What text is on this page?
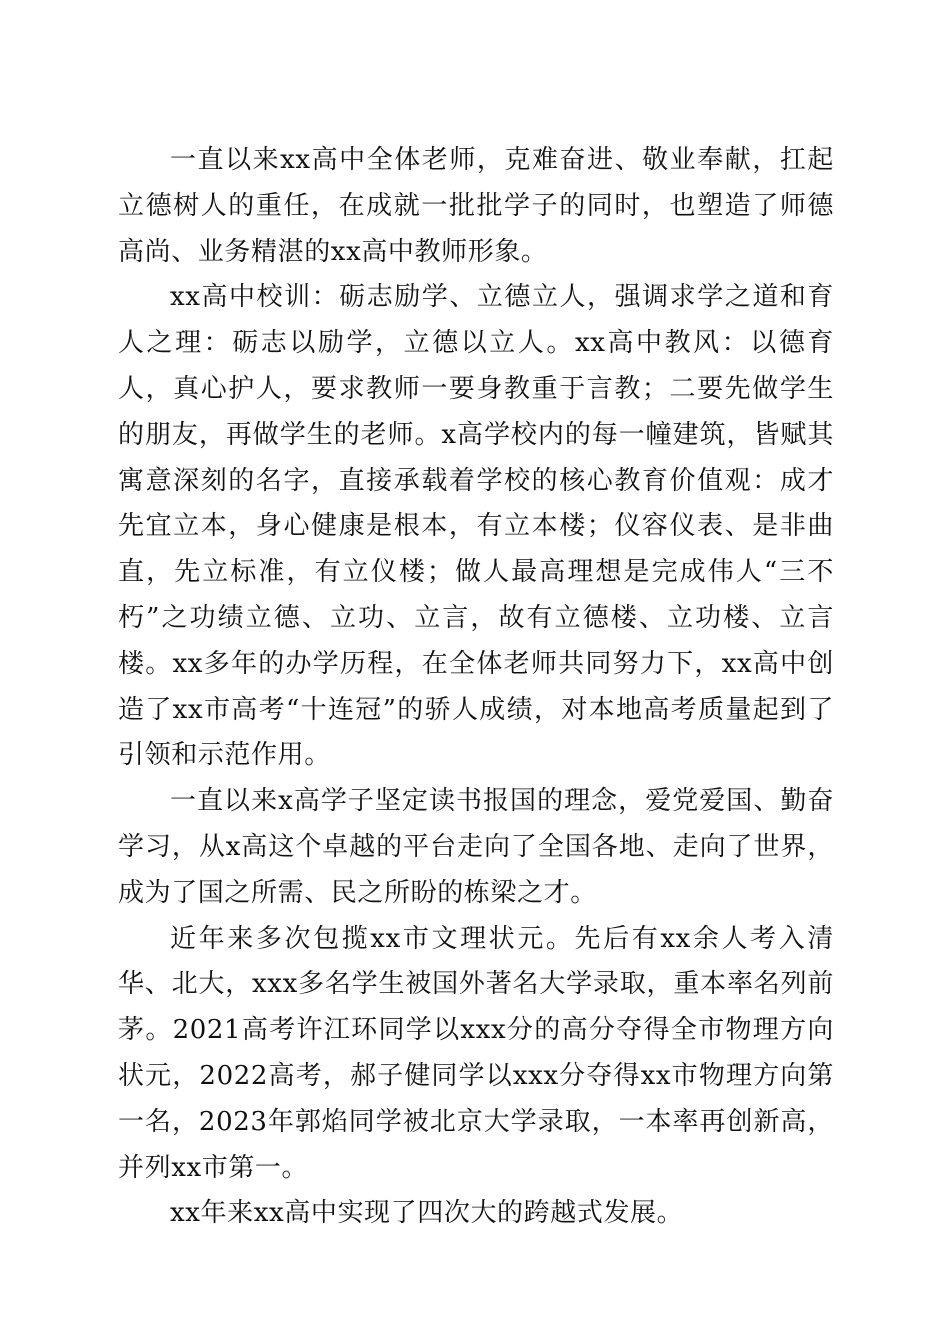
一直以来xx高中全体老师，克难奋进、敬业奉献，扛起立德树人的重任，在成就一批批学子的同时，也塑造了师德高尚、业务精湛的xx高中教师形象。

xx高中校训：砺志励学、立德立人，强调求学之道和育人之理：砺志以励学，立德以立人。xx高中教风：以德育人，真心护人，要求教师一要身教重于言教；二要先做学生的朋友，再做学生的老师。x高学校内的每一幢建筑，皆赋其寓意深刻的名字，直接承载着学校的核心教育价值观：成才先宜立本，身心健康是根本，有立本楼；仪容仪表、是非曲直，先立标准，有立仪楼；做人最高理想是完成伟人“三不朽”之功绩立德、立功、立言，故有立德楼、立功楼、立言楼。xx多年的办学历程，在全体老师共同努力下，xx高中创造了xx市高考“十连冠”的骄人成绩，对本地高考质量起到了引领和示范作用。

一直以来x高学子坚定读书报国的理念，爱党爱国、勤奋学习，从x高这个卓越的平台走向了全国各地、走向了世界，成为了国之所需、民之所盼的栋梁之才。

近年来多次包揽xx市文理状元。先后有xx余人考入清华、北大，xxx多名学生被国外著名大学录取，重本率名列前茅。2021高考许江环同学以xxx分的高分夺得全市物理方向状元，2022高考，郝子健同学以xxx分夺得xx市物理方向第一名，2023年郭焰同学被北京大学录取，一本率再创新高，并列xx市第一。

xx年来xx高中实现了四次大的跨越式发展。
